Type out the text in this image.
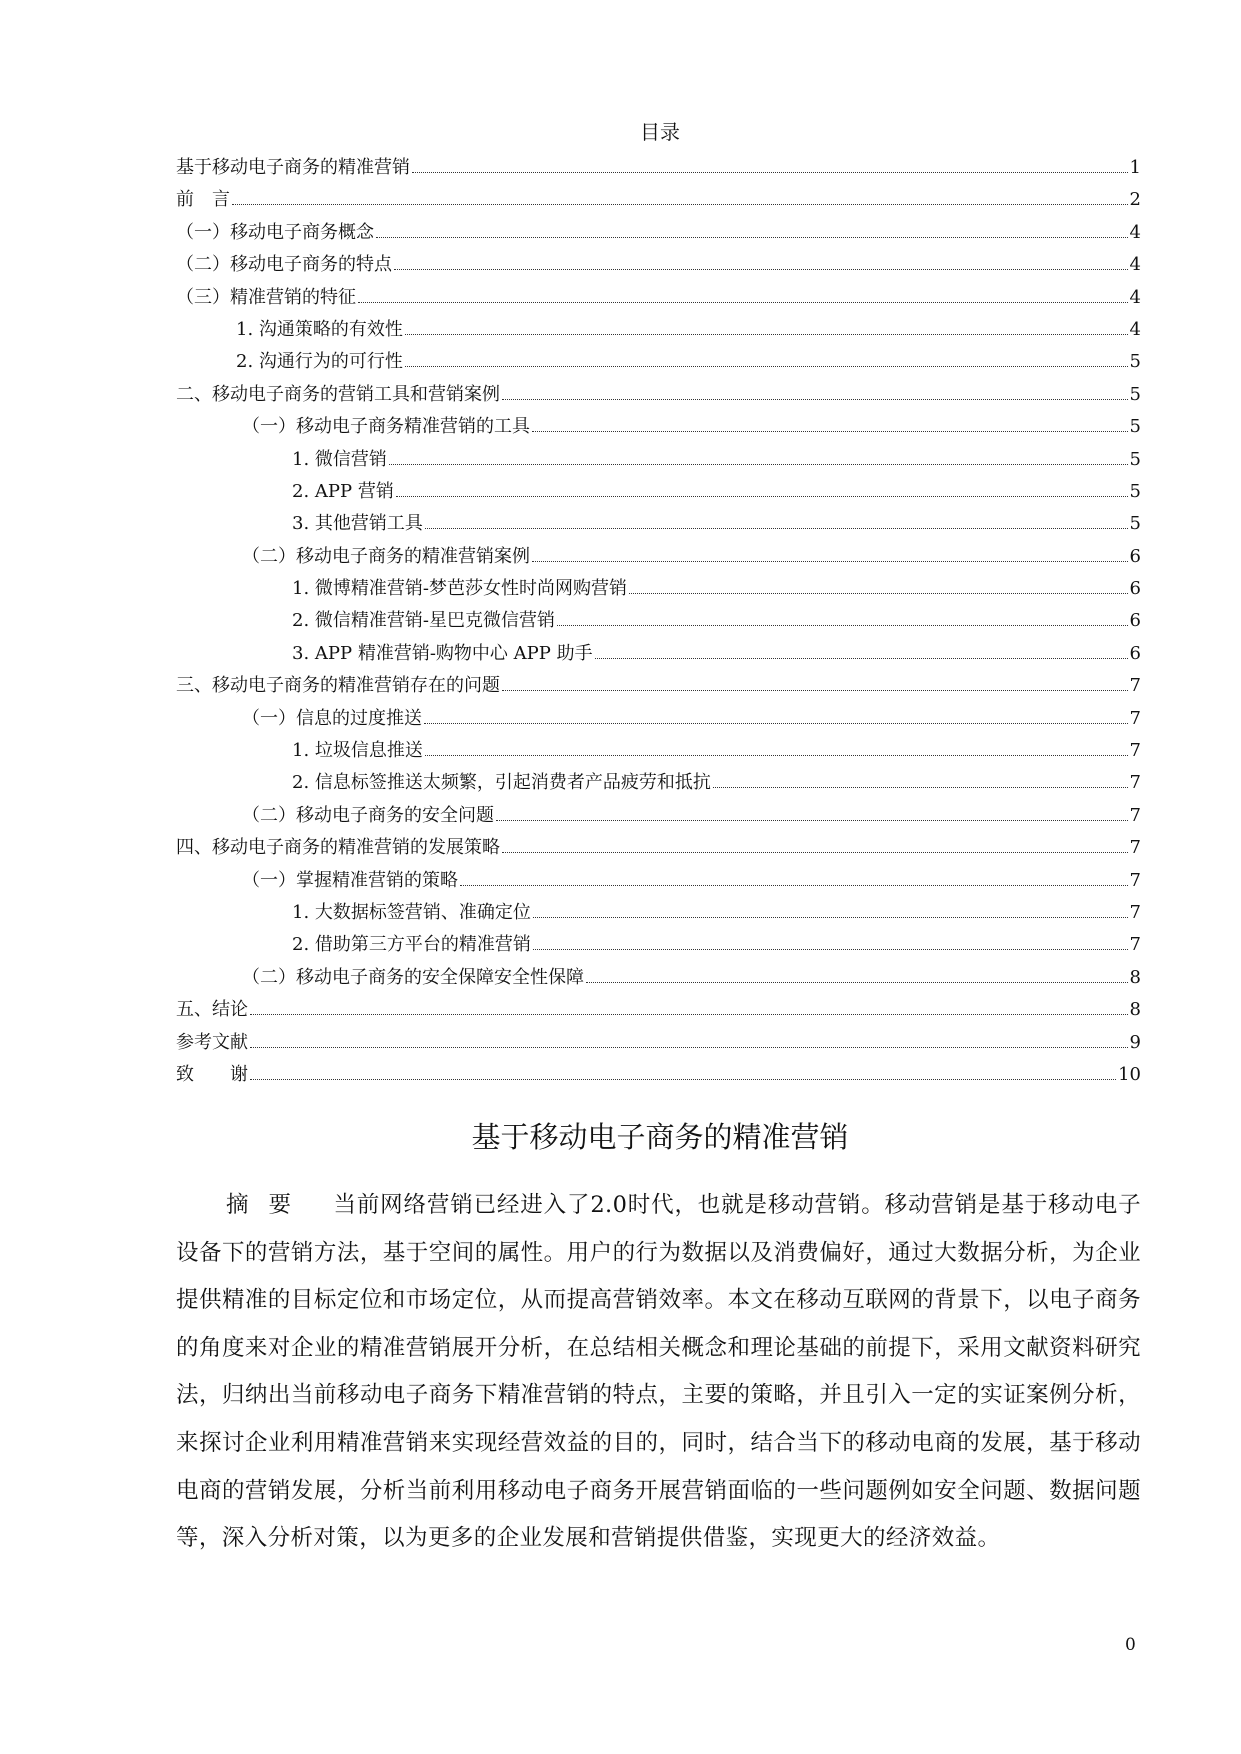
目录
基于移动电子商务的精准营销	1
前　言	2
（一）移动电子商务概念	4
（二）移动电子商务的特点	4
（三）精准营销的特征	4
1. 沟通策略的有效性	4
2. 沟通行为的可行性	5
二、移动电子商务的营销工具和营销案例	5
（一）移动电子商务精准营销的工具	5
1. 微信营销	5
2. APP 营销	5
3. 其他营销工具	5
（二）移动电子商务的精准营销案例	6
1. 微博精准营销-梦芭莎女性时尚网购营销	6
2. 微信精准营销-星巴克微信营销	6
3. APP 精准营销-购物中心 APP 助手	6
三、移动电子商务的精准营销存在的问题	7
（一）信息的过度推送	7
1. 垃圾信息推送	7
2. 信息标签推送太频繁，引起消费者产品疲劳和抵抗	7
（二）移动电子商务的安全问题	7
四、移动电子商务的精准营销的发展策略	7
（一）掌握精准营销的策略	7
1. 大数据标签营销、准确定位	7
2. 借助第三方平台的精准营销	7
（二）移动电子商务的安全保障安全性保障	8
五、结论	8
参考文献	9
致　　谢	10
基于移动电子商务的精准营销

摘要 当前网络营销已经进入了2.0时代，也就是移动营销。移动营销是基于移动电子设备下的营销方法，基于空间的属性。用户的行为数据以及消费偏好，通过大数据分析，为企业提供精准的目标定位和市场定位，从而提高营销效率。本文在移动互联网的背景下，以电子商务的角度来对企业的精准营销展开分析，在总结相关概念和理论基础的前提下，采用文献资料研究法，归纳出当前移动电子商务下精准营销的特点，主要的策略，并且引入一定的实证案例分析，来探讨企业利用精准营销来实现经营效益的目的，同时，结合当下的移动电商的发展，基于移动电商的营销发展，分析当前利用移动电子商务开展营销面临的一些问题例如安全问题、数据问题等，深入分析对策，以为更多的企业发展和营销提供借鉴，实现更大的经济效益。

0
